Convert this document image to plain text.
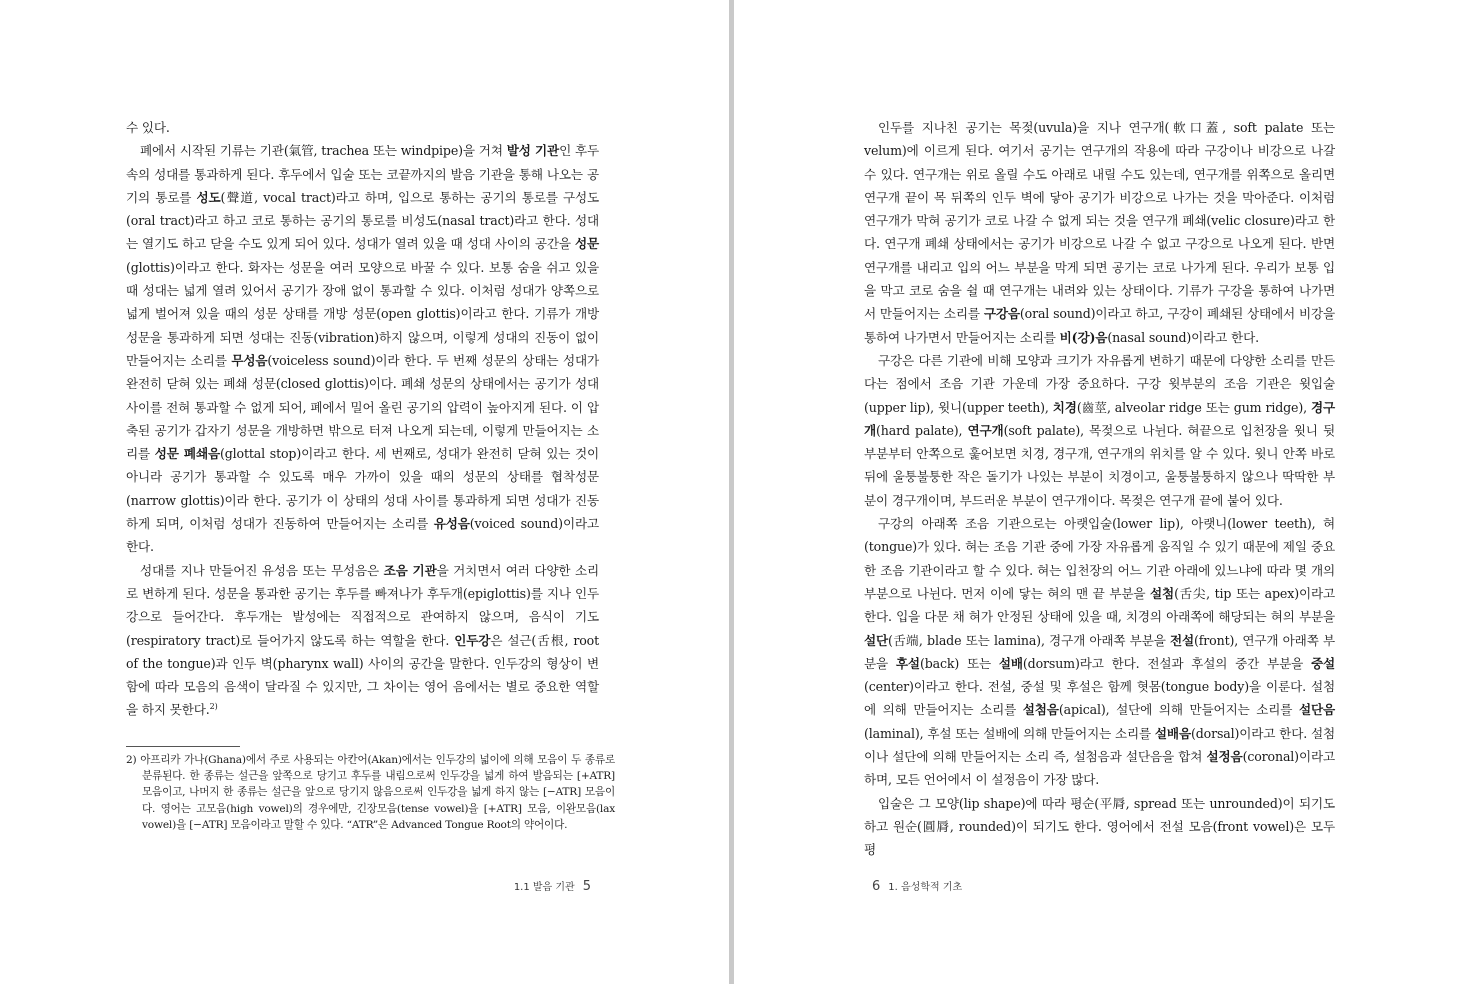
수 있다.

폐에서 시작된 기류는 기관(氣管, trachea 또는 windpipe)을 거쳐 발성 기관인 후두 속의 성대를 통과하게 된다. 후두에서 입술 또는 코끝까지의 발음 기관을 통해 나오는 공기의 통로를 성도(聲道, vocal tract)라고 하며, 입으로 통하는 공기의 통로를 구성도(oral tract)라고 하고 코로 통하는 공기의 통로를 비성도(nasal tract)라고 한다. 성대는 열기도 하고 닫을 수도 있게 되어 있다. 성대가 열려 있을 때 성대 사이의 공간을 성문(glottis)이라고 한다. 화자는 성문을 여러 모양으로 바꿀 수 있다. 보통 숨을 쉬고 있을 때 성대는 넓게 열려 있어서 공기가 장애 없이 통과할 수 있다. 이처럼 성대가 양쪽으로 넓게 벌어져 있을 때의 성문 상태를 개방 성문(open glottis)이라고 한다. 기류가 개방 성문을 통과하게 되면 성대는 진동(vibration)하지 않으며, 이렇게 성대의 진동이 없이 만들어지는 소리를 무성음(voiceless sound)이라 한다. 두 번째 성문의 상태는 성대가 완전히 닫혀 있는 폐쇄 성문(closed glottis)이다. 폐쇄 성문의 상태에서는 공기가 성대 사이를 전혀 통과할 수 없게 되어, 폐에서 밀어 올린 공기의 압력이 높아지게 된다. 이 압축된 공기가 갑자기 성문을 개방하면 밖으로 터져 나오게 되는데, 이렇게 만들어지는 소리를 성문 폐쇄음(glottal stop)이라고 한다. 세 번째로, 성대가 완전히 닫혀 있는 것이 아니라 공기가 통과할 수 있도록 매우 가까이 있을 때의 성문의 상태를 협착성문(narrow glottis)이라 한다. 공기가 이 상태의 성대 사이를 통과하게 되면 성대가 진동하게 되며, 이처럼 성대가 진동하여 만들어지는 소리를 유성음(voiced sound)이라고 한다.

성대를 지나 만들어진 유성음 또는 무성음은 조음 기관을 거치면서 여러 다양한 소리로 변하게 된다. 성문을 통과한 공기는 후두를 빠져나가 후두개(epiglottis)를 지나 인두강으로 들어간다. 후두개는 발성에는 직접적으로 관여하지 않으며, 음식이 기도(respiratory tract)로 들어가지 않도록 하는 역할을 한다. 인두강은 설근(舌根, root of the tongue)과 인두 벽(pharynx wall) 사이의 공간을 말한다. 인두강의 형상이 변함에 따라 모음의 음색이 달라질 수 있지만, 그 차이는 영어 음에서는 별로 중요한 역할을 하지 못한다.$^{2)}$

2) 아프리카 가나(Ghana)에서 주로 사용되는 아칸어(Akan)에서는 인두강의 넓이에 의해 모음이 두 종류로 분류된다. 한 종류는 설근을 앞쪽으로 당기고 후두를 내림으로써 인두강을 넓게 하여 발음되는 [+ATR] 모음이고, 나머지 한 종류는 설근을 앞으로 당기지 않음으로써 인두강을 넓게 하지 않는 [−ATR] 모음이다. 영어는 고모음(high vowel)의 경우에만, 긴장모음(tense vowel)을 [+ATR] 모음, 이완모음(lax vowel)을 [−ATR] 모음이라고 말할 수 있다. “ATR”은 Advanced Tongue Root의 약어이다.
1.1 발음 기관 5

인두를 지나친 공기는 목젖(uvula)을 지나 연구개(軟口蓋, soft palate 또는 velum)에 이르게 된다. 여기서 공기는 연구개의 작용에 따라 구강이나 비강으로 나갈 수 있다. 연구개는 위로 올릴 수도 아래로 내릴 수도 있는데, 연구개를 위쪽으로 올리면 연구개 끝이 목 뒤쪽의 인두 벽에 닿아 공기가 비강으로 나가는 것을 막아준다. 이처럼 연구개가 막혀 공기가 코로 나갈 수 없게 되는 것을 연구개 폐쇄(velic closure)라고 한다. 연구개 폐쇄 상태에서는 공기가 비강으로 나갈 수 없고 구강으로 나오게 된다. 반면 연구개를 내리고 입의 어느 부분을 막게 되면 공기는 코로 나가게 된다. 우리가 보통 입을 막고 코로 숨을 쉴 때 연구개는 내려와 있는 상태이다. 기류가 구강을 통하여 나가면서 만들어지는 소리를 구강음(oral sound)이라고 하고, 구강이 폐쇄된 상태에서 비강을 통하여 나가면서 만들어지는 소리를 비(강)음(nasal sound)이라고 한다.

구강은 다른 기관에 비해 모양과 크기가 자유롭게 변하기 때문에 다양한 소리를 만든다는 점에서 조음 기관 가운데 가장 중요하다. 구강 윗부분의 조음 기관은 윗입술(upper lip), 윗니(upper teeth), 치경(齒莖, alveolar ridge 또는 gum ridge), 경구개(hard palate), 연구개(soft palate), 목젖으로 나뉜다. 혀끝으로 입천장을 윗니 뒷부분부터 안쪽으로 훑어보면 치경, 경구개, 연구개의 위치를 알 수 있다. 윗니 안쪽 바로 뒤에 울퉁불퉁한 작은 돌기가 나있는 부분이 치경이고, 울퉁불퉁하지 않으나 딱딱한 부분이 경구개이며, 부드러운 부분이 연구개이다. 목젖은 연구개 끝에 붙어 있다.

구강의 아래쪽 조음 기관으로는 아랫입술(lower lip), 아랫니(lower teeth), 혀(tongue)가 있다. 혀는 조음 기관 중에 가장 자유롭게 움직일 수 있기 때문에 제일 중요한 조음 기관이라고 할 수 있다. 혀는 입천장의 어느 기관 아래에 있느냐에 따라 몇 개의 부분으로 나뉜다. 먼저 이에 닿는 혀의 맨 끝 부분을 설첨(舌尖, tip 또는 apex)이라고 한다. 입을 다문 채 혀가 안정된 상태에 있을 때, 치경의 아래쪽에 해당되는 혀의 부분을 설단(舌端, blade 또는 lamina), 경구개 아래쪽 부분을 전설(front), 연구개 아래쪽 부분을 후설(back) 또는 설배(dorsum)라고 한다. 전설과 후설의 중간 부분을 중설(center)이라고 한다. 전설, 중설 및 후설은 함께 혓몸(tongue body)을 이룬다. 설첨에 의해 만들어지는 소리를 설첨음(apical), 설단에 의해 만들어지는 소리를 설단음(laminal), 후설 또는 설배에 의해 만들어지는 소리를 설배음(dorsal)이라고 한다. 설첨이나 설단에 의해 만들어지는 소리 즉, 설첨음과 설단음을 합쳐 설정음(coronal)이라고 하며, 모든 언어에서 이 설정음이 가장 많다.

입술은 그 모양(lip shape)에 따라 평순(平脣, spread 또는 unrounded)이 되기도 하고 원순(圓脣, rounded)이 되기도 한다. 영어에서 전설 모음(front vowel)은 모두 평

6 1. 음성학적 기초
